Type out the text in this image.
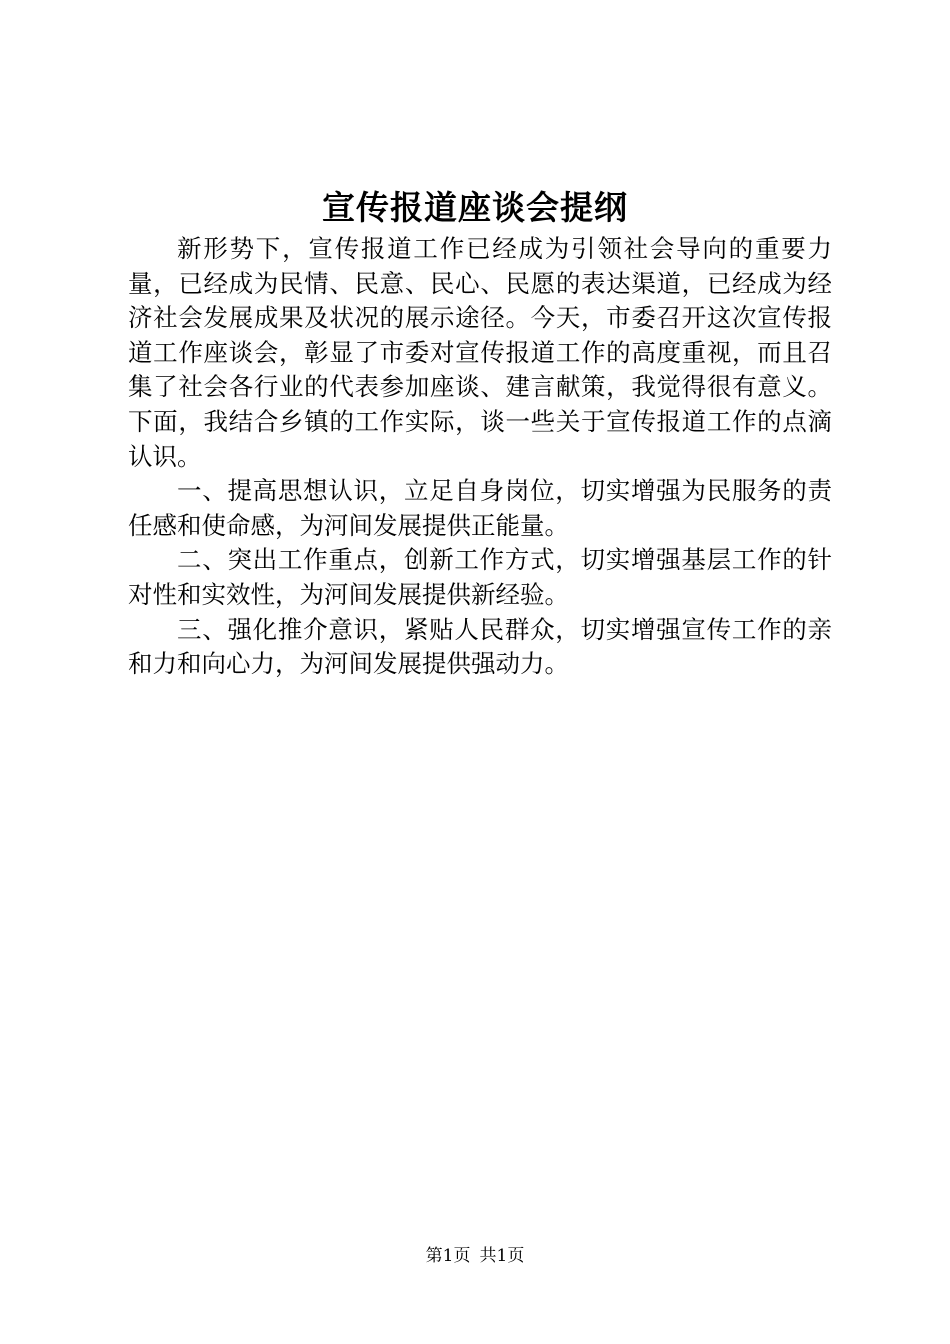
宣传报道座谈会提纲

新形势下，宣传报道工作已经成为引领社会导向的重要力量，已经成为民情、民意、民心、民愿的表达渠道，已经成为经济社会发展成果及状况的展示途径。今天，市委召开这次宣传报道工作座谈会，彰显了市委对宣传报道工作的高度重视，而且召集了社会各行业的代表参加座谈、建言献策，我觉得很有意义。下面，我结合乡镇的工作实际，谈一些关于宣传报道工作的点滴认识。

一、提高思想认识，立足自身岗位，切实增强为民服务的责任感和使命感，为河间发展提供正能量。

二、突出工作重点，创新工作方式，切实增强基层工作的针对性和实效性，为河间发展提供新经验。

三、强化推介意识，紧贴人民群众，切实增强宣传工作的亲和力和向心力，为河间发展提供强动力。

第1页 共1页
